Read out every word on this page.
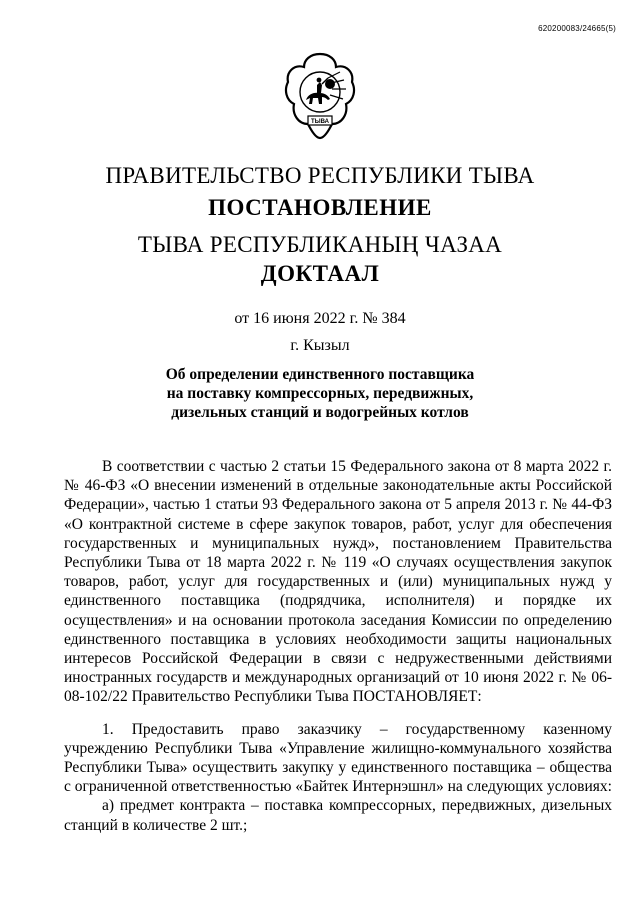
620200083/24665(5)
ТЫВА
ПРАВИТЕЛЬСТВО РЕСПУБЛИКИ ТЫВА
ПОСТАНОВЛЕНИЕ
ТЫВА РЕСПУБЛИКАНЫҢ ЧАЗАА
ДОКТААЛ
от 16 июня 2022 г. № 384
г. Кызыл
Об определении единственного поставщика
на поставку компрессорных, передвижных,
дизельных станций и водогрейных котлов

В соответствии с частью 2 статьи 15 Федерального закона от 8 марта 2022 г. № 46-ФЗ «О внесении изменений в отдельные законодательные акты Российской Федерации», частью 1 статьи 93 Федерального закона от 5 апреля 2013 г. № 44-ФЗ «О контрактной системе в сфере закупок товаров, работ, услуг для обеспечения государственных и муниципальных нужд», постановлением Правительства Республики Тыва от 18 марта 2022 г. № 119 «О случаях осуществления закупок товаров, работ, услуг для государственных и (или) муниципальных нужд у единственного поставщика (подрядчика, исполнителя) и порядке их осуществления» и на основании протокола заседания Комиссии по определению единственного поставщика в условиях необходимости защиты национальных интересов Российской Федерации в связи с недружественными действиями иностранных государств и международных организаций от 10 июня 2022 г. № 06-08-102/22 Правительство Республики Тыва ПОСТАНОВЛЯЕТ:

1. Предоставить право заказчику – государственному казенному учреждению Республики Тыва «Управление жилищно-коммунального хозяйства Республики Тыва» осуществить закупку у единственного поставщика – общества с ограниченной ответственностью «Байтек Интернэшнл» на следующих условиях:

а) предмет контракта – поставка компрессорных, передвижных, дизельных станций в количестве 2 шт.;
